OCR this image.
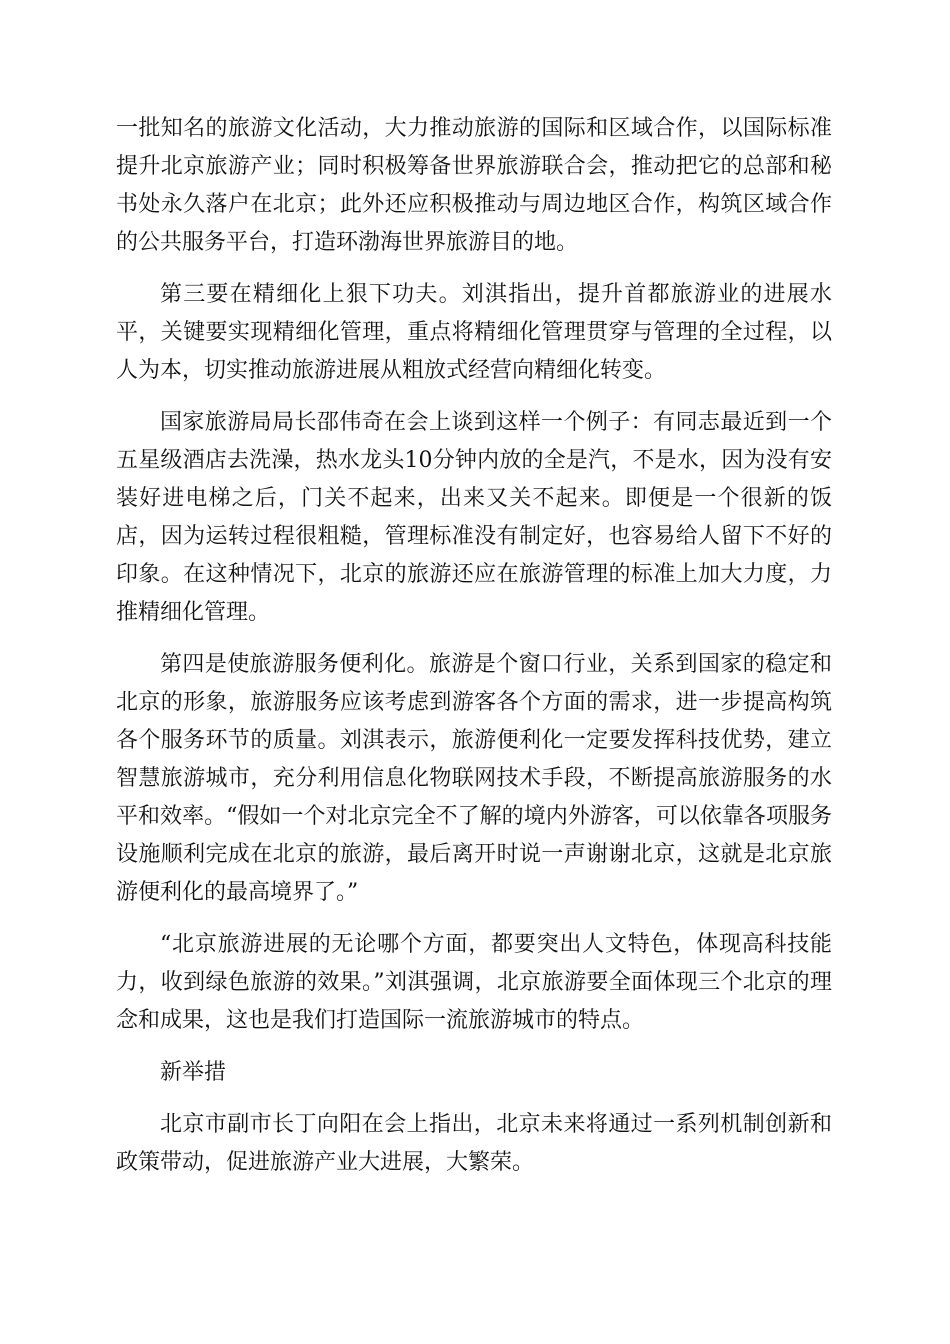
一批知名的旅游文化活动，大力推动旅游的国际和区域合作，以国际标准提升北京旅游产业；同时积极筹备世界旅游联合会，推动把它的总部和秘书处永久落户在北京；此外还应积极推动与周边地区合作，构筑区域合作的公共服务平台，打造环渤海世界旅游目的地。

第三要在精细化上狠下功夫。刘淇指出，提升首都旅游业的进展水平，关键要实现精细化管理，重点将精细化管理贯穿与管理的全过程，以人为本，切实推动旅游进展从粗放式经营向精细化转变。

国家旅游局局长邵伟奇在会上谈到这样一个例子：有同志最近到一个五星级酒店去洗澡，热水龙头10分钟内放的全是汽，不是水，因为没有安装好进电梯之后，门关不起来，出来又关不起来。即便是一个很新的饭店，因为运转过程很粗糙，管理标准没有制定好，也容易给人留下不好的印象。在这种情况下，北京的旅游还应在旅游管理的标准上加大力度，力推精细化管理。

第四是使旅游服务便利化。旅游是个窗口行业，关系到国家的稳定和北京的形象，旅游服务应该考虑到游客各个方面的需求，进一步提高构筑各个服务环节的质量。刘淇表示，旅游便利化一定要发挥科技优势，建立智慧旅游城市，充分利用信息化物联网技术手段，不断提高旅游服务的水平和效率。“假如一个对北京完全不了解的境内外游客，可以依靠各项服务设施顺利完成在北京的旅游，最后离开时说一声谢谢北京，这就是北京旅游便利化的最高境界了。”

“北京旅游进展的无论哪个方面，都要突出人文特色，体现高科技能力，收到绿色旅游的效果。”刘淇强调，北京旅游要全面体现三个北京的理念和成果，这也是我们打造国际一流旅游城市的特点。

新举措

北京市副市长丁向阳在会上指出，北京未来将通过一系列机制创新和政策带动，促进旅游产业大进展，大繁荣。
